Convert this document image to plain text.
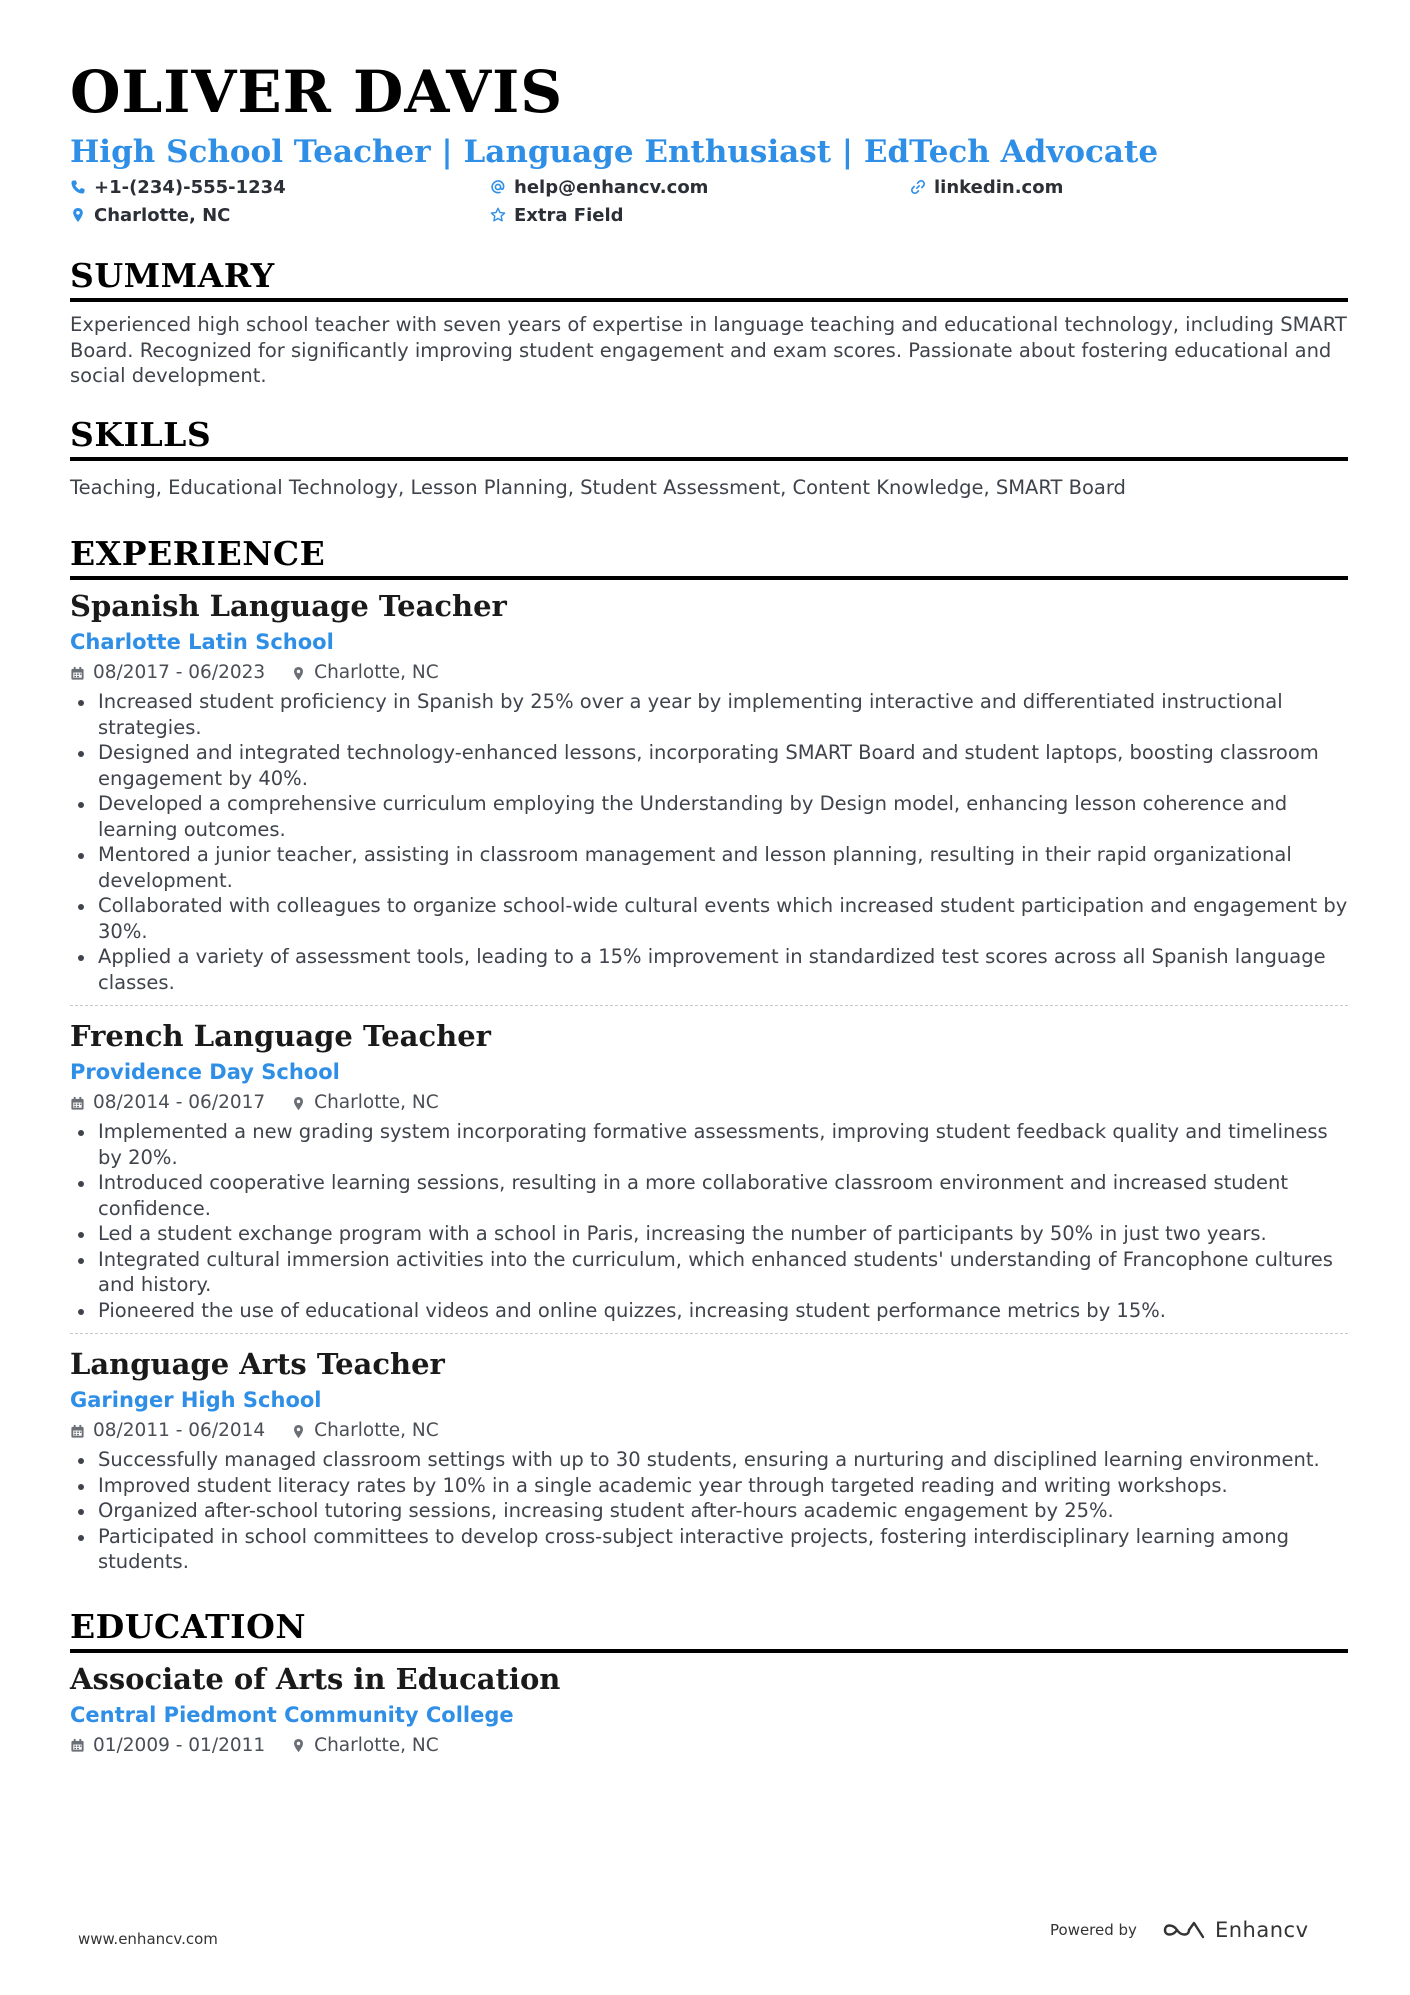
OLIVER DAVIS
High School Teacher | Language Enthusiast | EdTech Advocate
+1-(234)-555-1234	help@enhancv.com	linkedin.com
Charlotte, NC	Extra Field
SUMMARY
Experienced high school teacher with seven years of expertise in language teaching and educational technology, including SMART Board. Recognized for significantly improving student engagement and exam scores. Passionate about fostering educational and social development.
SKILLS
Teaching, Educational Technology, Lesson Planning, Student Assessment, Content Knowledge, SMART Board
EXPERIENCE
Spanish Language Teacher
Charlotte Latin School
08/2017 - 06/2023	Charlotte, NC
Increased student proficiency in Spanish by 25% over a year by implementing interactive and differentiated instructional strategies.
Designed and integrated technology-enhanced lessons, incorporating SMART Board and student laptops, boosting classroom engagement by 40%.
Developed a comprehensive curriculum employing the Understanding by Design model, enhancing lesson coherence and learning outcomes.
Mentored a junior teacher, assisting in classroom management and lesson planning, resulting in their rapid organizational development.
Collaborated with colleagues to organize school-wide cultural events which increased student participation and engagement by 30%.
Applied a variety of assessment tools, leading to a 15% improvement in standardized test scores across all Spanish language classes.
French Language Teacher
Providence Day School
08/2014 - 06/2017	Charlotte, NC
Implemented a new grading system incorporating formative assessments, improving student feedback quality and timeliness by 20%.
Introduced cooperative learning sessions, resulting in a more collaborative classroom environment and increased student confidence.
Led a student exchange program with a school in Paris, increasing the number of participants by 50% in just two years.
Integrated cultural immersion activities into the curriculum, which enhanced students' understanding of Francophone cultures and history.
Pioneered the use of educational videos and online quizzes, increasing student performance metrics by 15%.
Language Arts Teacher
Garinger High School
08/2011 - 06/2014	Charlotte, NC
Successfully managed classroom settings with up to 30 students, ensuring a nurturing and disciplined learning environment.
Improved student literacy rates by 10% in a single academic year through targeted reading and writing workshops.
Organized after-school tutoring sessions, increasing student after-hours academic engagement by 25%.
Participated in school committees to develop cross-subject interactive projects, fostering interdisciplinary learning among students.
EDUCATION
Associate of Arts in Education
Central Piedmont Community College
01/2009 - 01/2011	Charlotte, NC
www.enhancv.com	Powered by	Enhancv
